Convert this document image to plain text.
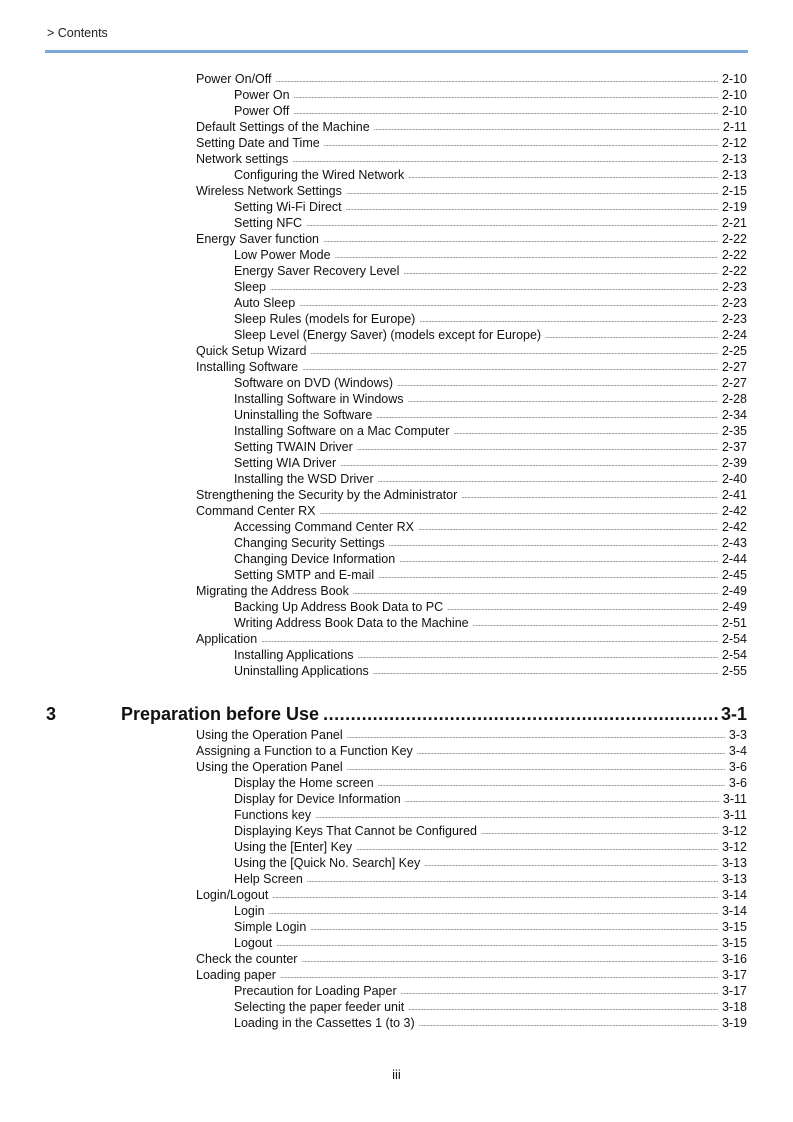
> Contents
Power On/Off . . .	2-10
Power On . . .	2-10
Power Off . . .	2-10
Default Settings of the Machine . . .	2-11
Setting Date and Time . . .	2-12
Network settings . . .	2-13
Configuring the Wired Network . . .	2-13
Wireless Network Settings . . .	2-15
Setting Wi-Fi Direct . . .	2-19
Setting NFC . . .	2-21
Energy Saver function . . .	2-22
Low Power Mode . . .	2-22
Energy Saver Recovery Level . . .	2-22
Sleep . . .	2-23
Auto Sleep . . .	2-23
Sleep Rules (models for Europe) . . .	2-23
Sleep Level (Energy Saver) (models except for Europe) . . .	2-24
Quick Setup Wizard . . .	2-25
Installing Software . . .	2-27
Software on DVD (Windows) . . .	2-27
Installing Software in Windows . . .	2-28
Uninstalling the Software . . .	2-34
Installing Software on a Mac Computer . . .	2-35
Setting TWAIN Driver . . .	2-37
Setting WIA Driver . . .	2-39
Installing the WSD Driver . . .	2-40
Strengthening the Security by the Administrator . . .	2-41
Command Center RX . . .	2-42
Accessing Command Center RX . . .	2-42
Changing Security Settings . . .	2-43
Changing Device Information . . .	2-44
Setting SMTP and E-mail . . .	2-45
Migrating the Address Book . . .	2-49
Backing Up Address Book Data to PC . . .	2-49
Writing Address Book Data to the Machine . . .	2-51
Application . . .	2-54
Installing Applications . . .	2-54
Uninstalling Applications . . .	2-55
3	Preparation before Use .....	3-1
Using the Operation Panel . . .	3-3
Assigning a Function to a Function Key . . .	3-4
Using the Operation Panel . . .	3-6
Display the Home screen . . .	3-6
Display for Device Information . . .	3-11
Functions key . . .	3-11
Displaying Keys That Cannot be Configured . . .	3-12
Using the [Enter] Key . . .	3-12
Using the [Quick No. Search] Key . . .	3-13
Help Screen . . .	3-13
Login/Logout . . .	3-14
Login . . .	3-14
Simple Login . . .	3-15
Logout . . .	3-15
Check the counter . . .	3-16
Loading paper . . .	3-17
Precaution for Loading Paper . . .	3-17
Selecting the paper feeder unit . . .	3-18
Loading in the Cassettes 1 (to 3) . . .	3-19
iii
